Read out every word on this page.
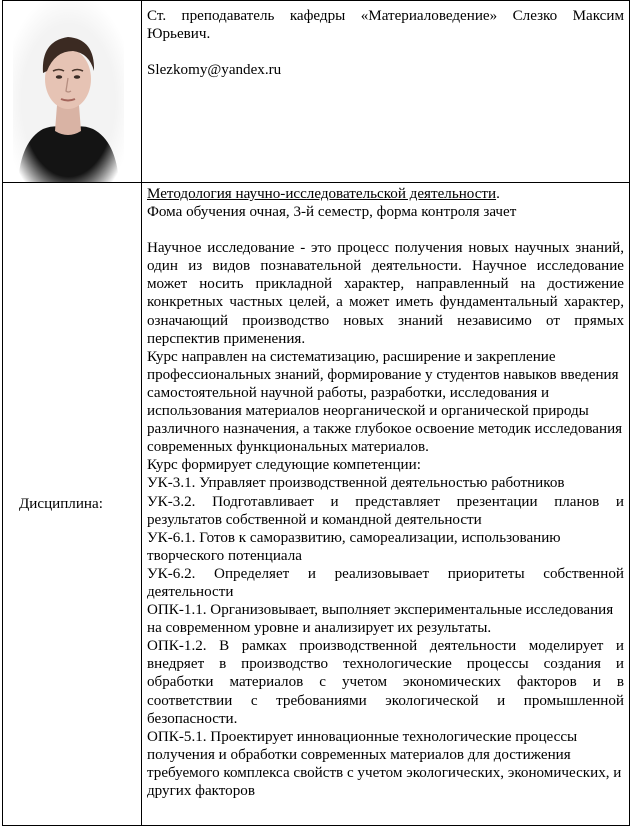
Ст. преподаватель кафедры «Материаловедение» Слезко Максим Юрьевич.

Slezkomy@yandex.ru

Дисциплина:

Методология научно-исследовательской деятельности.

Фома обучения очная, 3-й семестр, форма контроля зачет

Научное исследование - это процесс получения новых научных знаний, один из видов познавательной деятельности. Научное исследование может носить прикладной характер, направленный на достижение конкретных частных целей, а может иметь фундаментальный характер, означающий производство новых знаний независимо от прямых перспектив применения.

Курс направлен на систематизацию, расширение и закрепление профессиональных знаний, формирование у студентов навыков введения самостоятельной научной работы, разработки, исследования и использования материалов неорганической и органической природы различного назначения, а также глубокое освоение методик исследования современных функциональных материалов.

Курс формирует следующие компетенции:

УК-3.1. Управляет производственной деятельностью работников

УК-3.2. Подготавливает и представляет презентации планов и результатов собственной и командной деятельности

УК-6.1. Готов к саморазвитию, самореализации, использованию творческого потенциала

УК-6.2. Определяет и реализовывает приоритеты собственной деятельности

ОПК-1.1. Организовывает, выполняет экспериментальные исследования на современном уровне и анализирует их результаты.

ОПК-1.2. В рамках производственной деятельности моделирует и внедряет в производство технологические процессы создания и обработки материалов с учетом экономических факторов и в соответствии с требованиями экологической и промышленной безопасности.

ОПК-5.1. Проектирует инновационные технологические процессы получения и обработки современных материалов для достижения требуемого комплекса свойств с учетом экологических, экономических, и других факторов
